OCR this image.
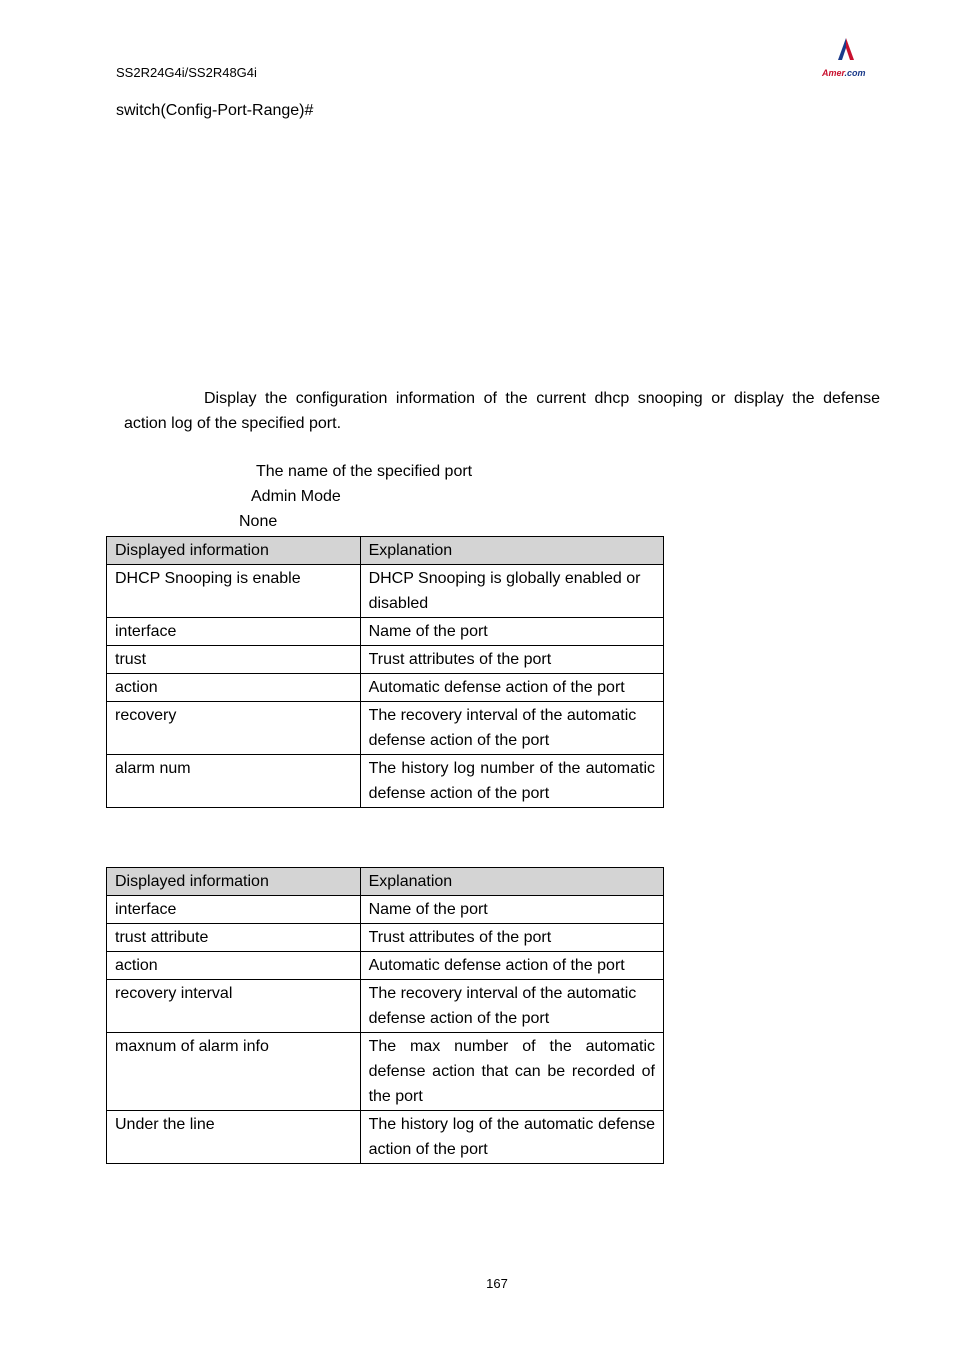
SS2R24G4i/SS2R48G4i	Amer.com
switch(Config-Port-Range)#
Display the configuration information of the current dhcp snooping or display the defense
action log of the specified port.
The name of the specified port
Admin Mode
None
Displayed information	Explanation
DHCP Snooping is enable	DHCP Snooping is globally enabled or disabled
interface	Name of the port
trust	Trust attributes of the port
action	Automatic defense action of the port
recovery	The recovery interval of the automatic defense action of the port
alarm num	The history log number of the automatic defense action of the port
Displayed information	Explanation
interface	Name of the port
trust attribute	Trust attributes of the port
action	Automatic defense action of the port
recovery interval	The recovery interval of the automatic defense action of the port
maxnum of alarm info	The max number of the automatic defense action that can be recorded of the port
Under the line	The history log of the automatic defense action of the port
167
